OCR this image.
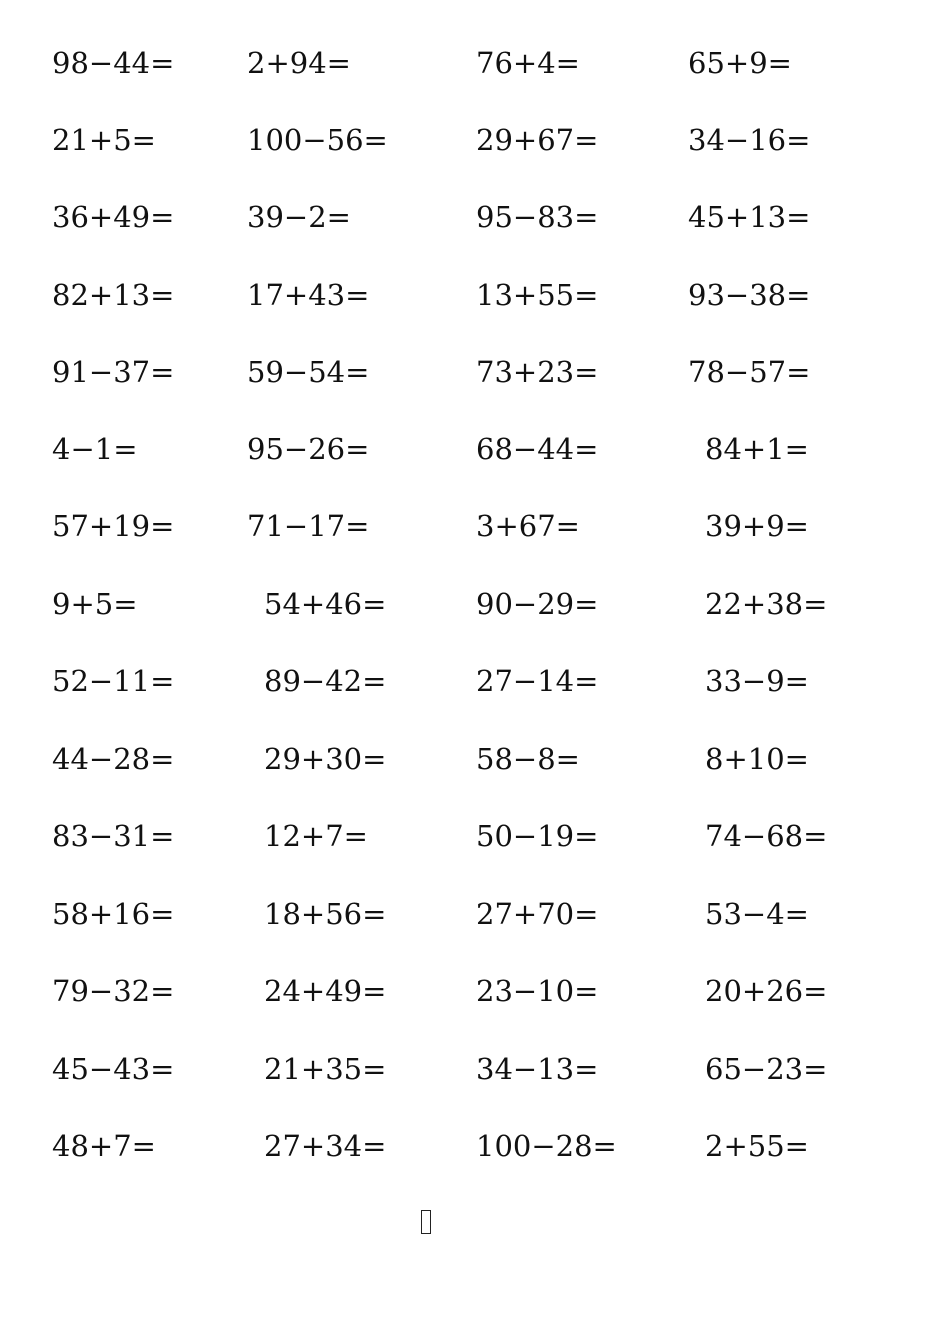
98−44=	2+94=	76+4=	65+9=
21+5=	100−56=	29+67=	34−16=
36+49=	39−2=	95−83=	45+13=
82+13=	17+43=	13+55=	93−38=
91−37=	59−54=	73+23=	78−57=
4−1=	95−26=	68−44=	84+1=
57+19=	71−17=	3+67=	39+9=
9+5=	54+46=	90−29=	22+38=
52−11=	89−42=	27−14=	33−9=
44−28=	29+30=	58−8=	8+10=
83−31=	12+7=	50−19=	74−68=
58+16=	18+56=	27+70=	53−4=
79−32=	24+49=	23−10=	20+26=
45−43=	21+35=	34−13=	65−23=
48+7=	27+34=	100−28=	2+55=
